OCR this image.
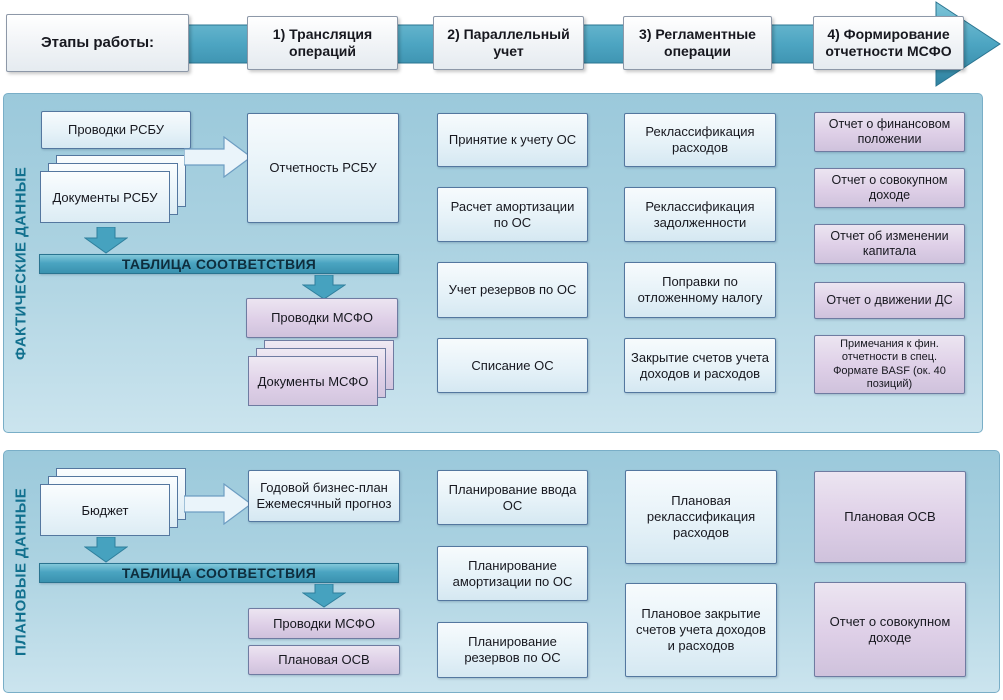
Этапы работы:	1) Трансляция операций
2) Параллельный учет
3) Регламентные операции
4) Формирование отчетности МСФО
ФАКТИЧЕСКИЕ ДАННЫЕ
Проводки РСБУ
Документы РСБУ
Отчетность РСБУ
ТАБЛИЦА СООТВЕТСТВИЯ
Проводки МСФО
Документы МСФО
Принятие к учету ОС
Расчет амортизации по ОС
Учет резервов по ОС
Списание ОС
Реклассификация расходов
Реклассификация задолженности
Поправки по отложенному налогу
Закрытие счетов учета доходов и расходов
Отчет о финансовом положении
Отчет о совокупном доходе
Отчет об изменении капитала
Отчет о движении ДС
Примечания к фин. отчетности в спец. Формате BASF (ок. 40 позиций)
ПЛАНОВЫЕ ДАННЫЕ	Бюджет
Годовой бизнес-план
Ежемесячный прогноз
ТАБЛИЦА СООТВЕТСТВИЯ
Проводки МСФО
Плановая ОСВ
Планирование ввода ОС
Планирование амортизации по ОС
Планирование резервов по ОС
Плановая реклассификация расходов
Плановое закрытие счетов учета доходов и расходов
Плановая ОСВ
Отчет о совокупном доходе
